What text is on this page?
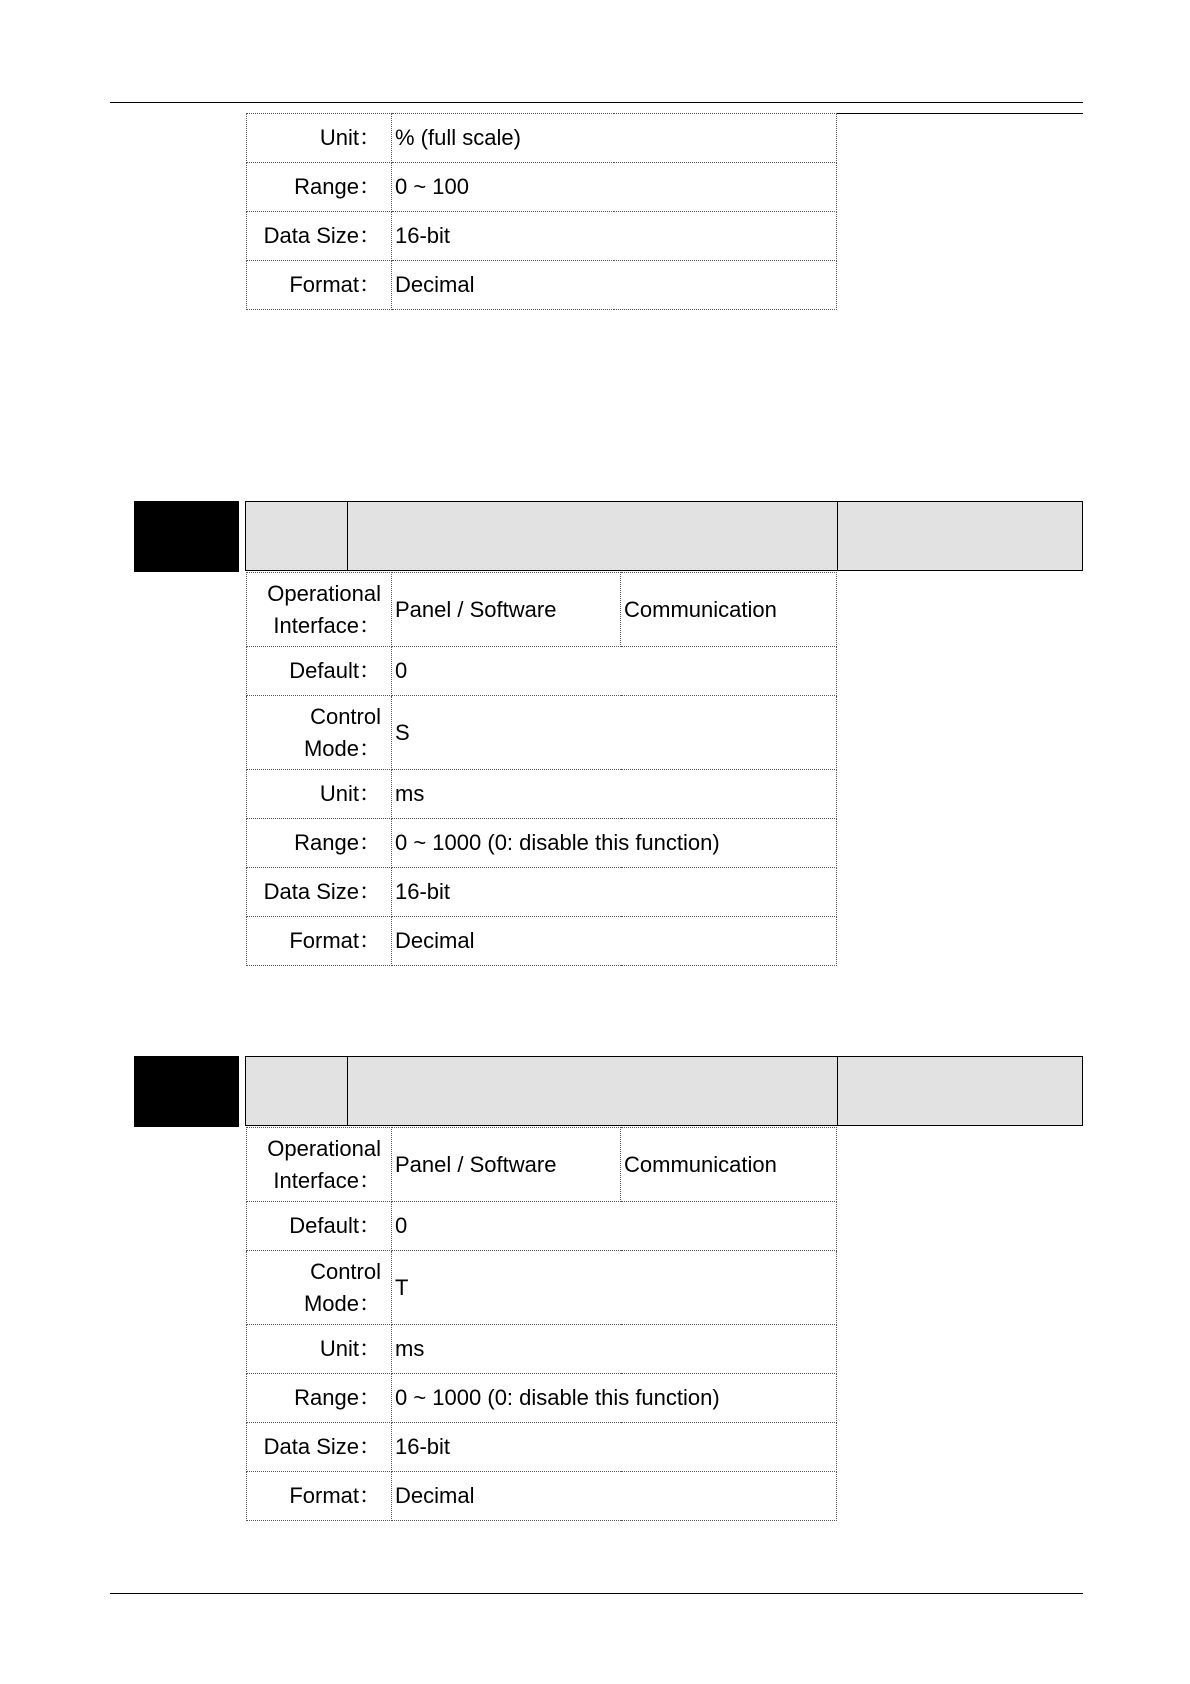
Unit：	% (full scale)
Range：	0 ~ 100
Data Size：	16-bit
Format：	Decimal
Operational
Interface：	Panel / Software	Communication
Default：	0	

Control
Mode：	S	
Unit：	ms	
Range：	0 ~ 1000 (0: disable this function)	
Data Size：	16-bit	
Format：	Decimal	
Operational
Interface：	Panel / Software	Communication
Default：	0	

Control
Mode：	T	
Unit：	ms	
Range：	0 ~ 1000 (0: disable this function)	
Data Size：	16-bit	
Format：	Decimal	
